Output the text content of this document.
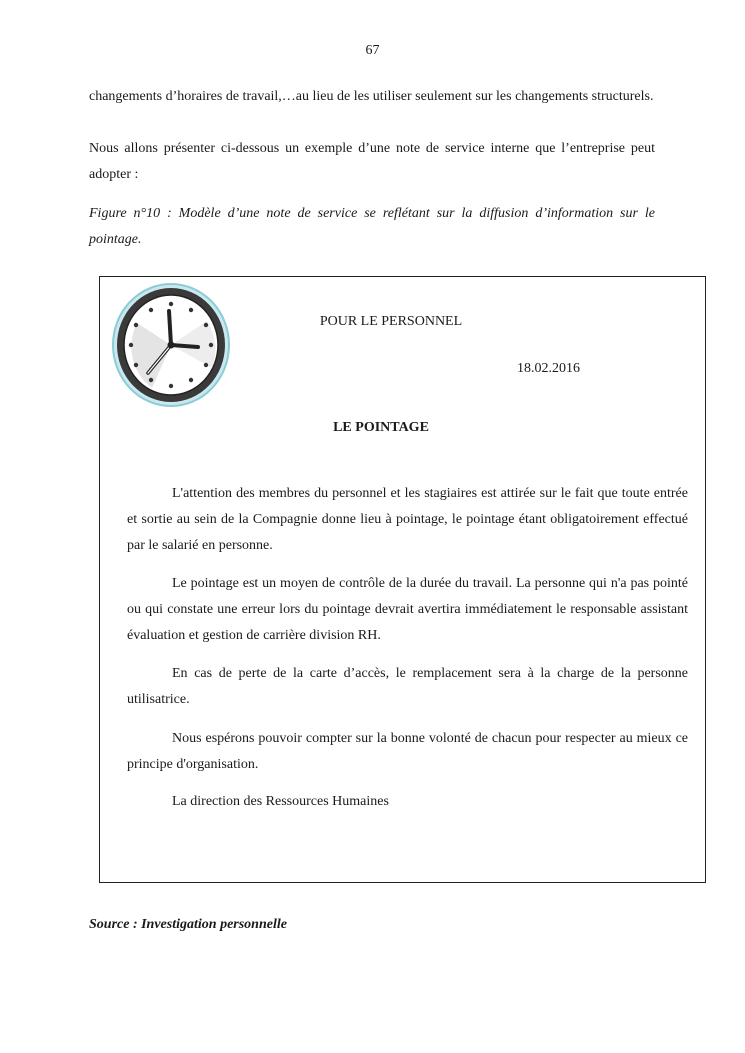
67
changements d’horaires de travail,…au lieu de les utiliser seulement sur les changements structurels.
Nous allons présenter ci-dessous un exemple d’une note de service interne que l’entreprise peut adopter :
Figure n°10 : Modèle d’une note de service se reflétant sur la diffusion d’information sur le pointage.
POUR LE PERSONNEL
18.02.2016
LE POINTAGE
L'attention des membres du personnel et les stagiaires est attirée sur le fait que toute entrée et sortie au sein de la Compagnie donne lieu à pointage, le pointage étant obligatoirement effectué par le salarié en personne.
Le pointage est un moyen de contrôle de la durée du travail. La personne qui n'a pas pointé ou qui constate une erreur lors du pointage devrait avertira immédiatement le responsable assistant évaluation et gestion de carrière division RH.
En cas de perte de la carte d’accès, le remplacement sera à la charge de la personne utilisatrice.
Nous espérons pouvoir compter sur la bonne volonté de chacun pour respecter au mieux ce principe d'organisation.
La direction des Ressources Humaines
Source : Investigation personnelle
